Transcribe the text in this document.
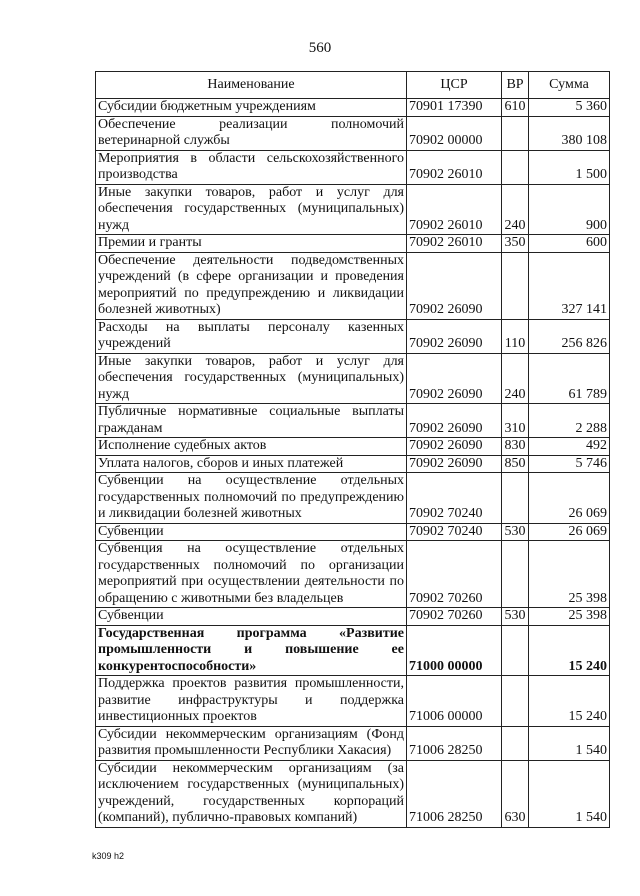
560
Наименование	ЦСР	ВР	Сумма
Субсидии бюджетным учреждениям	70901 17390	610	5 360
Обеспечение реализации полномочий ветеринарной службы	70902 00000		380 108
Мероприятия в области сельскохозяйственного производства	70902 26010		1 500
Иные закупки товаров, работ и услуг для обеспечения государственных (муниципальных) нужд	70902 26010	240	900
Премии и гранты	70902 26010	350	600
Обеспечение деятельности подведомственных учреждений (в сфере организации и проведения мероприятий по предупреждению и ликвидации болезней животных)	70902 26090		327 141
Расходы на выплаты персоналу казенных учреждений	70902 26090	110	256 826
Иные закупки товаров, работ и услуг для обеспечения государственных (муниципальных) нужд	70902 26090	240	61 789
Публичные нормативные социальные выплаты гражданам	70902 26090	310	2 288
Исполнение судебных актов	70902 26090	830	492
Уплата налогов, сборов и иных платежей	70902 26090	850	5 746
Субвенции на осуществление отдельных государственных полномочий по предупреждению и ликвидации болезней животных	70902 70240		26 069
Субвенции	70902 70240	530	26 069
Субвенция на осуществление отдельных государственных полномочий по организации мероприятий при осуществлении деятельности по обращению с животными без владельцев	70902 70260		25 398
Субвенции	70902 70260	530	25 398
Государственная программа «Развитие промышленности и повышение ее конкурентоспособности»	71000 00000		15 240
Поддержка проектов развития промышленности, развитие инфраструктуры и поддержка инвестиционных проектов	71006 00000		15 240
Субсидии некоммерческим организациям (Фонд развития промышленности Республики Хакасия)	71006 28250		1 540
Субсидии некоммерческим организациям (за исключением государственных (муниципальных) учреждений, государственных корпораций (компаний), публично-правовых компаний)	71006 28250	630	1 540
k309 h2
